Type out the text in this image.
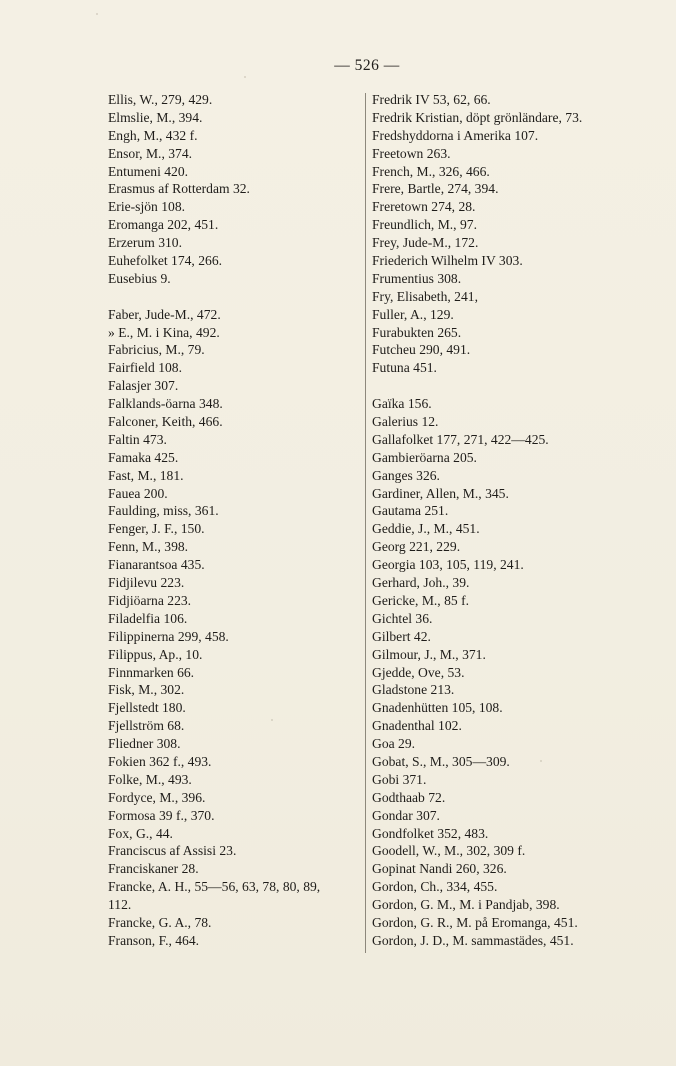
— 526 —
Ellis, W., 279, 429.
Elmslie, M., 394.
Engh, M., 432 f.
Ensor, M., 374.
Entumeni 420.
Erasmus af Rotterdam 32.
Erie-sjön 108.
Eromanga 202, 451.
Erzerum 310.
Euhefolket 174, 266.
Eusebius 9.
Faber, Jude-M., 472.
» E., M. i Kina, 492.
Fabricius, M., 79.
Fairfield 108.
Falasjer 307.
Falklands-öarna 348.
Falconer, Keith, 466.
Faltin 473.
Famaka 425.
Fast, M., 181.
Fauea 200.
Faulding, miss, 361.
Fenger, J. F., 150.
Fenn, M., 398.
Fianarantsoa 435.
Fidjilevu 223.
Fidjiöarna 223.
Filadelfia 106.
Filippinerna 299, 458.
Filippus, Ap., 10.
Finnmarken 66.
Fisk, M., 302.
Fjellstedt 180.
Fjellström 68.
Fliedner 308.
Fokien 362 f., 493.
Folke, M., 493.
Fordyce, M., 396.
Formosa 39 f., 370.
Fox, G., 44.
Franciscus af Assisi 23.
Franciskaner 28.
Francke, A. H., 55—56, 63, 78, 80, 89,
112.
Francke, G. A., 78.
Franson, F., 464.
Fredrik IV 53, 62, 66.
Fredrik Kristian, döpt grönländare, 73.
Fredshyddorna i Amerika 107.
Freetown 263.
French, M., 326, 466.
Frere, Bartle, 274, 394.
Freretown 274, 28.
Freundlich, M., 97.
Frey, Jude-M., 172.
Friederich Wilhelm IV 303.
Frumentius 308.
Fry, Elisabeth, 241,
Fuller, A., 129.
Furabukten 265.
Futcheu 290, 491.
Futuna 451.
Gaïka 156.
Galerius 12.
Gallafolket 177, 271, 422—425.
Gambieröarna 205.
Ganges 326.
Gardiner, Allen, M., 345.
Gautama 251.
Geddie, J., M., 451.
Georg 221, 229.
Georgia 103, 105, 119, 241.
Gerhard, Joh., 39.
Gericke, M., 85 f.
Gichtel 36.
Gilbert 42.
Gilmour, J., M., 371.
Gjedde, Ove, 53.
Gladstone 213.
Gnadenhütten 105, 108.
Gnadenthal 102.
Goa 29.
Gobat, S., M., 305—309.
Gobi 371.
Godthaab 72.
Gondar 307.
Gondfolket 352, 483.
Goodell, W., M., 302, 309 f.
Gopinat Nandi 260, 326.
Gordon, Ch., 334, 455.
Gordon, G. M., M. i Pandjab, 398.
Gordon, G. R., M. på Eromanga, 451.
Gordon, J. D., M. sammastädes, 451.
